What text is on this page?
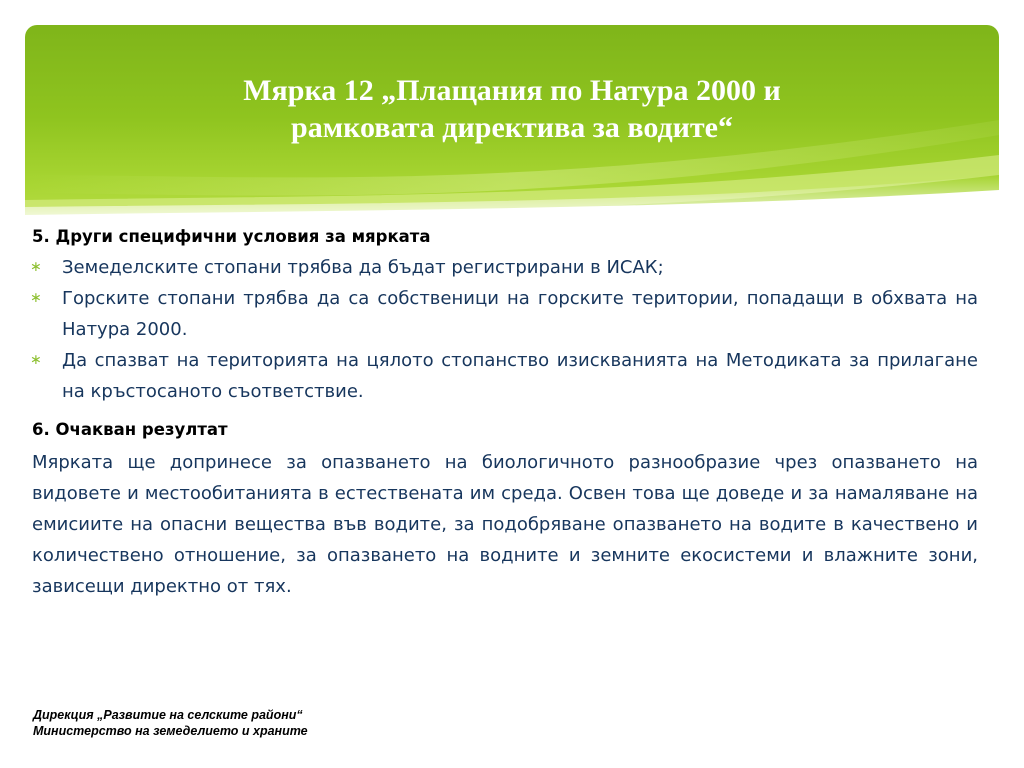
Мярка 12 „Плащания по Натура 2000 и
рамковата директива за водите“

5. Други специфични условия за мярката

∗ Земеделските стопани трябва да бъдат регистрирани в ИСАК;
∗ Горските стопани трябва да са собственици на горските територии, попадащи в обхвата на Натура 2000.
∗ Да спазват на територията на цялото стопанство изискванията на Методиката за прилагане на кръстосаното съответствие.

6. Очакван резултат

Мярката ще допринесе за опазването на биологичното разнообразие чрез опазването на видовете и местообитанията в естествената им среда. Освен това ще доведе и за намаляване на емисиите на опасни вещества във водите, за подобряване опазването на водите в качествено и количествено отношение, за опазването на водните и земните екосистеми и влажните зони, зависещи директно от тях.

Дирекция „Развитие на селските райони“
Министерство на земеделието и храните
